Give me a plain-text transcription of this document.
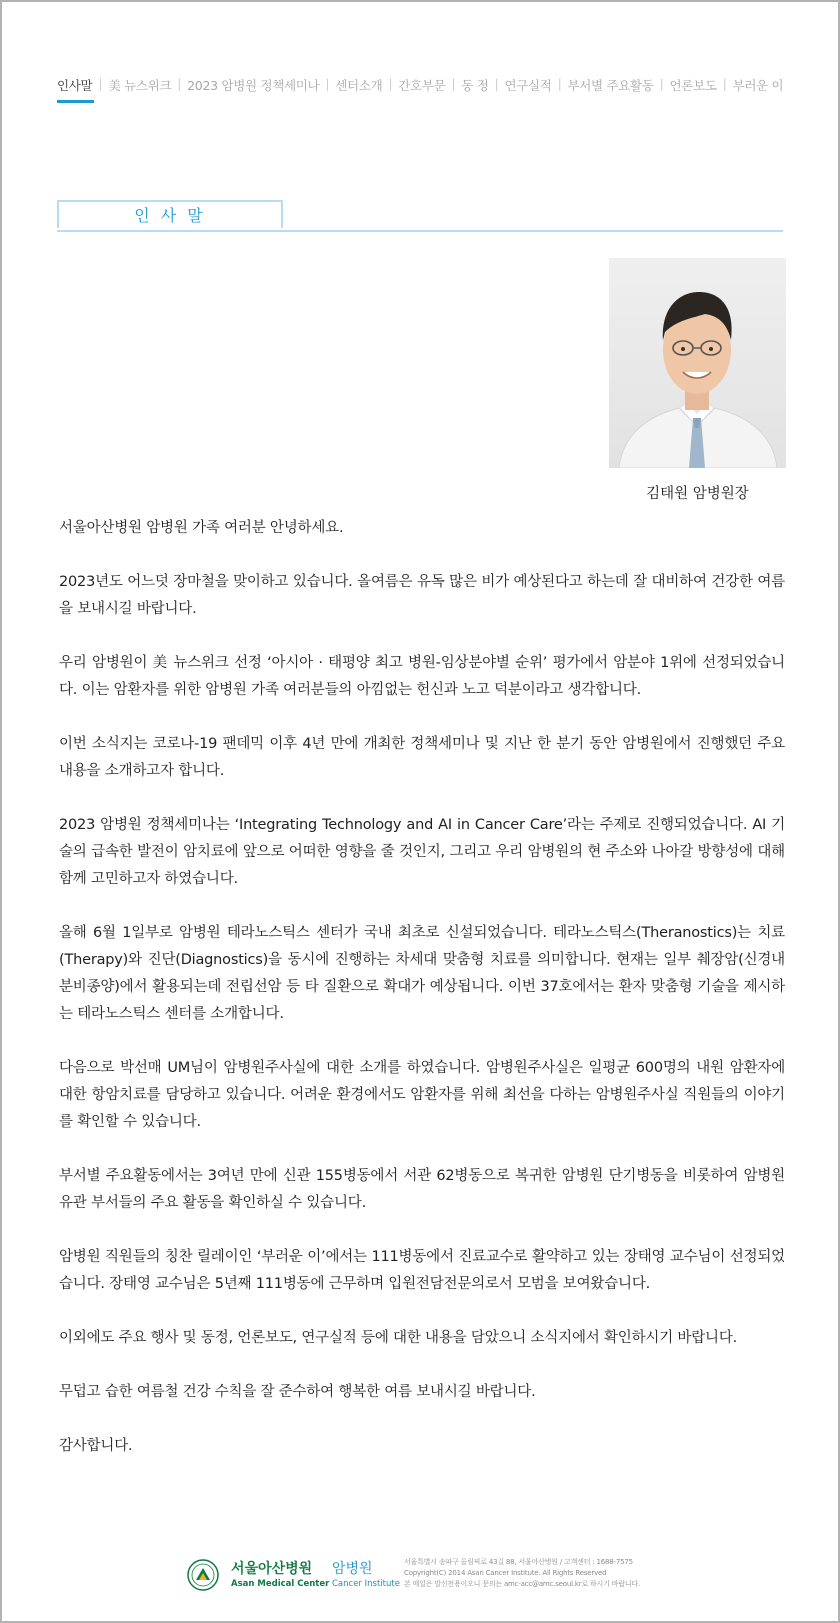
인사말 | 美 뉴스위크 | 2023 암병원 정책세미나 | 센터소개 | 간호부문 | 동 정 | 연구실적 | 부서별 주요활동 | 언론보도 | 부러운 이
인 사 말
김태원 암병원장

서울아산병원 암병원 가족 여러분 안녕하세요.

2023년도 어느덧 장마철을 맞이하고 있습니다. 올여름은 유독 많은 비가 예상된다고 하는데 잘 대비하여 건강한 여름을 보내시길 바랍니다.

우리 암병원이 美 뉴스위크 선정 ‘아시아 · 태평양 최고 병원-임상분야별 순위’ 평가에서 암분야 1위에 선정되었습니다. 이는 암환자를 위한 암병원 가족 여러분들의 아낌없는 헌신과 노고 덕분이라고 생각합니다.

이번 소식지는 코로나-19 팬데믹 이후 4년 만에 개최한 정책세미나 및 지난 한 분기 동안 암병원에서 진행했던 주요 내용을 소개하고자 합니다.

2023 암병원 정책세미나는 ‘Integrating Technology and AI in Cancer Care’라는 주제로 진행되었습니다. AI 기술의 급속한 발전이 암치료에 앞으로 어떠한 영향을 줄 것인지, 그리고 우리 암병원의 현 주소와 나아갈 방향성에 대해 함께 고민하고자 하였습니다.

올해 6월 1일부로 암병원 테라노스틱스 센터가 국내 최초로 신설되었습니다. 테라노스틱스(Theranostics)는 치료(Therapy)와 진단(Diagnostics)을 동시에 진행하는 차세대 맞춤형 치료를 의미합니다. 현재는 일부 췌장암(신경내분비종양)에서 활용되는데 전립선암 등 타 질환으로 확대가 예상됩니다. 이번 37호에서는 환자 맞춤형 기술을 제시하는 테라노스틱스 센터를 소개합니다.

다음으로 박선매 UM님이 암병원주사실에 대한 소개를 하였습니다. 암병원주사실은 일평균 600명의 내원 암환자에 대한 항암치료를 담당하고 있습니다. 어려운 환경에서도 암환자를 위해 최선을 다하는 암병원주사실 직원들의 이야기를 확인할 수 있습니다.

부서별 주요활동에서는 3여년 만에 신관 155병동에서 서관 62병동으로 복귀한 암병원 단기병동을 비롯하여 암병원 유관 부서들의 주요 활동을 확인하실 수 있습니다.

암병원 직원들의 칭찬 릴레이인 ‘부러운 이’에서는 111병동에서 진료교수로 활약하고 있는 장태영 교수님이 선정되었습니다. 장태영 교수님은 5년째 111병동에 근무하며 입원전담전문의로서 모범을 보여왔습니다.

이외에도 주요 행사 및 동정, 언론보도, 연구실적 등에 대한 내용을 담았으니 소식지에서 확인하시기 바랍니다.

무덥고 습한 여름철 건강 수칙을 잘 준수하여 행복한 여름 보내시길 바랍니다.

감사합니다.

서울아산병원
Asan Medical Center
암병원
Cancer Institute
서울특별시 송파구 올림픽로 43길 88, 서울아산병원 / 고객센터 : 1688-7575
Copyright(C) 2014 Asan Cancer Institute. All Rights Reserved
본 메일은 발신전용이오니 문의는 amc-acc@amc.seoul.kr로 하시기 바랍니다.
